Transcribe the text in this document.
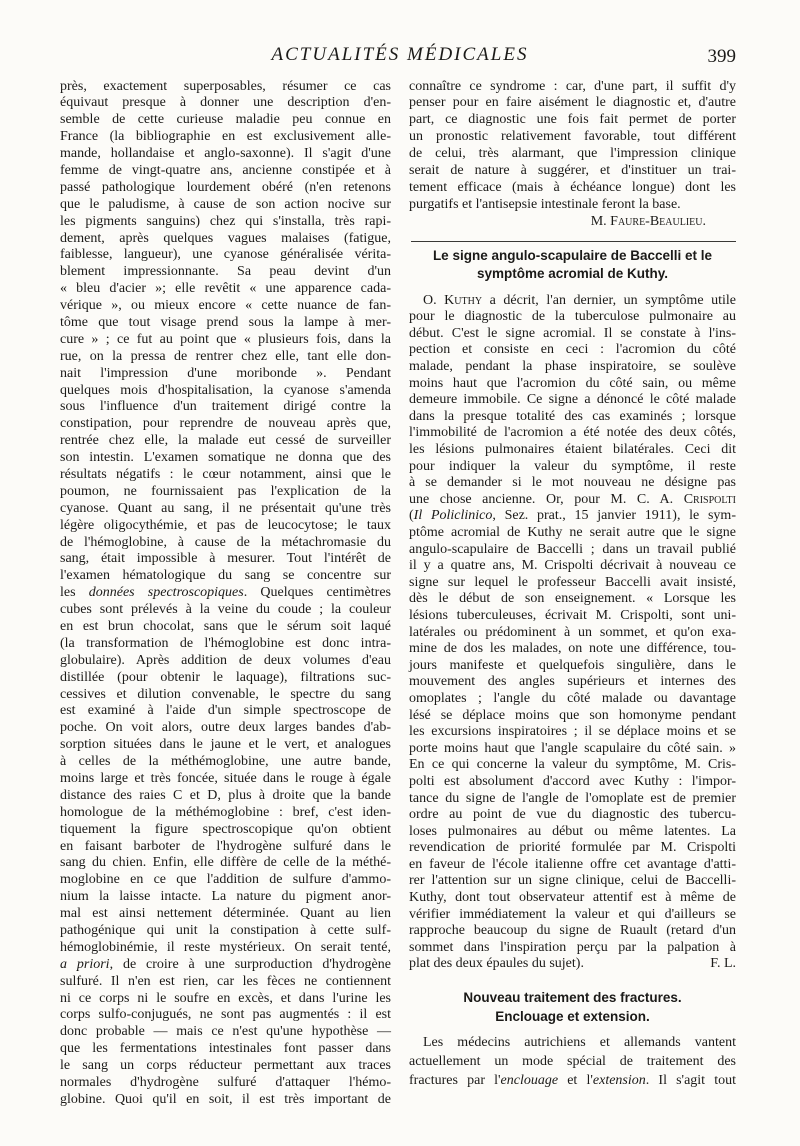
ACTUALITÉS MÉDICALES	399
près, exactement superposables, résumer ce cas
équivaut presque à donner une description d'en-
semble de cette curieuse maladie peu connue en
France (la bibliographie en est exclusivement alle-
mande, hollandaise et anglo-saxonne). Il s'agit d'une
femme de vingt-quatre ans, ancienne constipée et à
passé pathologique lourdement obéré (n'en retenons
que le paludisme, à cause de son action nocive sur
les pigments sanguins) chez qui s'installa, très rapi-
dement, après quelques vagues malaises (fatigue,
faiblesse, langueur), une cyanose généralisée vérita-
blement impressionnante. Sa peau devint d'un
« bleu d'acier »; elle revêtit « une apparence cada-
vérique », ou mieux encore « cette nuance de fan-
tôme que tout visage prend sous la lampe à mer-
cure » ; ce fut au point que « plusieurs fois, dans la
rue, on la pressa de rentrer chez elle, tant elle don-
nait l'impression d'une moribonde ». Pendant
quelques mois d'hospitalisation, la cyanose s'amenda
sous l'influence d'un traitement dirigé contre la
constipation, pour reprendre de nouveau après que,
rentrée chez elle, la malade eut cessé de surveiller
son intestin. L'examen somatique ne donna que des
résultats négatifs : le cœur notamment, ainsi que le
poumon, ne fournissaient pas l'explication de la
cyanose. Quant au sang, il ne présentait qu'une très
légère oligocythémie, et pas de leucocytose; le taux
de l'hémoglobine, à cause de la métachromasie du
sang, était impossible à mesurer. Tout l'intérêt de
l'examen hématologique du sang se concentre sur
les données spectroscopiques. Quelques centimètres
cubes sont prélevés à la veine du coude ; la couleur
en est brun chocolat, sans que le sérum soit laqué
(la transformation de l'hémoglobine est donc intra-
globulaire). Après addition de deux volumes d'eau
distillée (pour obtenir le laquage), filtrations suc-
cessives et dilution convenable, le spectre du sang
est examiné à l'aide d'un simple spectroscope de
poche. On voit alors, outre deux larges bandes d'ab-
sorption situées dans le jaune et le vert, et analogues
à celles de la méthémoglobine, une autre bande,
moins large et très foncée, située dans le rouge à égale
distance des raies C et D, plus à droite que la bande
homologue de la méthémoglobine : bref, c'est iden-
tiquement la figure spectroscopique qu'on obtient
en faisant barboter de l'hydrogène sulfuré dans le
sang du chien. Enfin, elle diffère de celle de la méthé-
moglobine en ce que l'addition de sulfure d'ammo-
nium la laisse intacte. La nature du pigment anor-
mal est ainsi nettement déterminée. Quant au lien
pathogénique qui unit la constipation à cette sulf-
hémoglobinémie, il reste mystérieux. On serait tenté,
a priori, de croire à une surproduction d'hydrogène
sulfuré. Il n'en est rien, car les fèces ne contiennent
ni ce corps ni le soufre en excès, et dans l'urine les
corps sulfo-conjugués, ne sont pas augmentés : il est
donc probable — mais ce n'est qu'une hypothèse —
que les fermentations intestinales font passer dans
le sang un corps réducteur permettant aux traces
normales d'hydrogène sulfuré d'attaquer l'hémo-
globine. Quoi qu'il en soit, il est très important de
connaître ce syndrome : car, d'une part, il suffit d'y
penser pour en faire aisément le diagnostic et, d'autre
part, ce diagnostic une fois fait permet de porter
un pronostic relativement favorable, tout différent
de celui, très alarmant, que l'impression clinique
serait de nature à suggérer, et d'instituer un trai-
tement efficace (mais à échéance longue) dont les
purgatifs et l'antisepsie intestinale feront la base.
M. Faure-Beaulieu.
Le signe angulo-scapulaire de Baccelli et le
symptôme acromial de Kuthy.
O. Kuthy a décrit, l'an dernier, un symptôme utile
pour le diagnostic de la tuberculose pulmonaire au
début. C'est le signe acromial. Il se constate à l'ins-
pection et consiste en ceci : l'acromion du côté
malade, pendant la phase inspiratoire, se soulève
moins haut que l'acromion du côté sain, ou même
demeure immobile. Ce signe a dénoncé le côté malade
dans la presque totalité des cas examinés ; lorsque
l'immobilité de l'acromion a été notée des deux côtés,
les lésions pulmonaires étaient bilatérales. Ceci dit
pour indiquer la valeur du symptôme, il reste
à se demander si le mot nouveau ne désigne pas
une chose ancienne. Or, pour M. C. A. Crispolti
(Il Policlinico, Sez. prat., 15 janvier 1911), le sym-
ptôme acromial de Kuthy ne serait autre que le signe
angulo-scapulaire de Baccelli ; dans un travail publié
il y a quatre ans, M. Crispolti décrivait à nouveau ce
signe sur lequel le professeur Baccelli avait insisté,
dès le début de son enseignement. « Lorsque les
lésions tuberculeuses, écrivait M. Crispolti, sont uni-
latérales ou prédominent à un sommet, et qu'on exa-
mine de dos les malades, on note une différence, tou-
jours manifeste et quelquefois singulière, dans le
mouvement des angles supérieurs et internes des
omoplates ; l'angle du côté malade ou davantage
lésé se déplace moins que son homonyme pendant
les excursions inspiratoires ; il se déplace moins et se
porte moins haut que l'angle scapulaire du côté sain. »
En ce qui concerne la valeur du symptôme, M. Cris-
polti est absolument d'accord avec Kuthy : l'impor-
tance du signe de l'angle de l'omoplate est de premier
ordre au point de vue du diagnostic des tubercu-
loses pulmonaires au début ou même latentes. La
revendication de priorité formulée par M. Crispolti
en faveur de l'école italienne offre cet avantage d'atti-
rer l'attention sur un signe clinique, celui de Baccelli-
Kuthy, dont tout observateur attentif est à même de
vérifier immédiatement la valeur et qui d'ailleurs se
rapproche beaucoup du signe de Ruault (retard d'un
sommet dans l'inspiration perçu par la palpation à
plat des deux épaules du sujet).	F. L.
Nouveau traitement des fractures.
Enclouage et extension.
Les médecins autrichiens et allemands vantent
actuellement un mode spécial de traitement des
fractures par l'enclouage et l'extension. Il s'agit tout
